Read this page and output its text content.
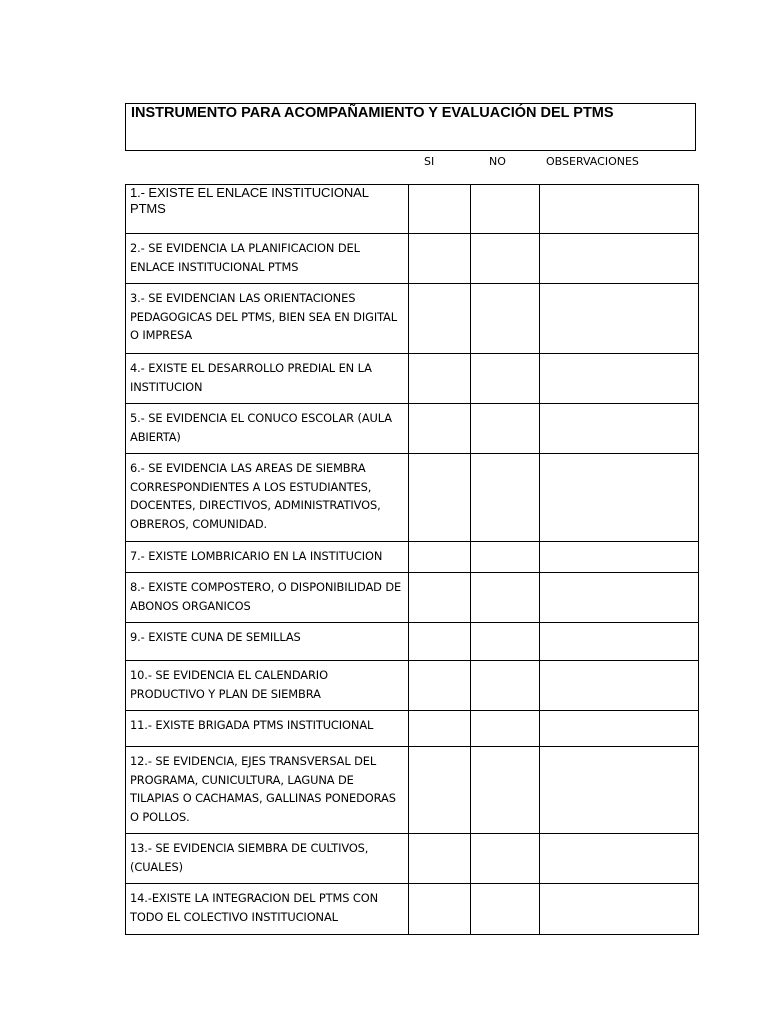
INSTRUMENTO PARA ACOMPAÑAMIENTO Y EVALUACIÓN DEL PTMS
SI	NO	OBSERVACIONES
1.- EXISTE EL ENLACE INSTITUCIONAL PTMS			

2.- SE EVIDENCIA LA PLANIFICACION DEL ENLACE INSTITUCIONAL PTMS			

3.- SE EVIDENCIAN LAS ORIENTACIONES PEDAGOGICAS DEL PTMS, BIEN SEA EN DIGITAL O IMPRESA			

4.- EXISTE EL DESARROLLO PREDIAL EN LA INSTITUCION			

5.- SE EVIDENCIA EL CONUCO ESCOLAR (AULA ABIERTA)			

6.- SE EVIDENCIA LAS AREAS DE SIEMBRA CORRESPONDIENTES A LOS ESTUDIANTES, DOCENTES, DIRECTIVOS, ADMINISTRATIVOS, OBREROS, COMUNIDAD.			

7.- EXISTE LOMBRICARIO EN LA INSTITUCION			

8.- EXISTE COMPOSTERO, O DISPONIBILIDAD DE ABONOS ORGANICOS			

9.- EXISTE CUNA DE SEMILLAS			

10.- SE EVIDENCIA EL CALENDARIO PRODUCTIVO Y PLAN DE SIEMBRA			

11.- EXISTE BRIGADA PTMS INSTITUCIONAL			

12.- SE EVIDENCIA, EJES TRANSVERSAL DEL PROGRAMA, CUNICULTURA, LAGUNA DE TILAPIAS O CACHAMAS, GALLINAS PONEDORAS O POLLOS.			

13.- SE EVIDENCIA SIEMBRA DE CULTIVOS, (CUALES)			

14.-EXISTE LA INTEGRACION DEL PTMS CON TODO EL COLECTIVO INSTITUCIONAL			
